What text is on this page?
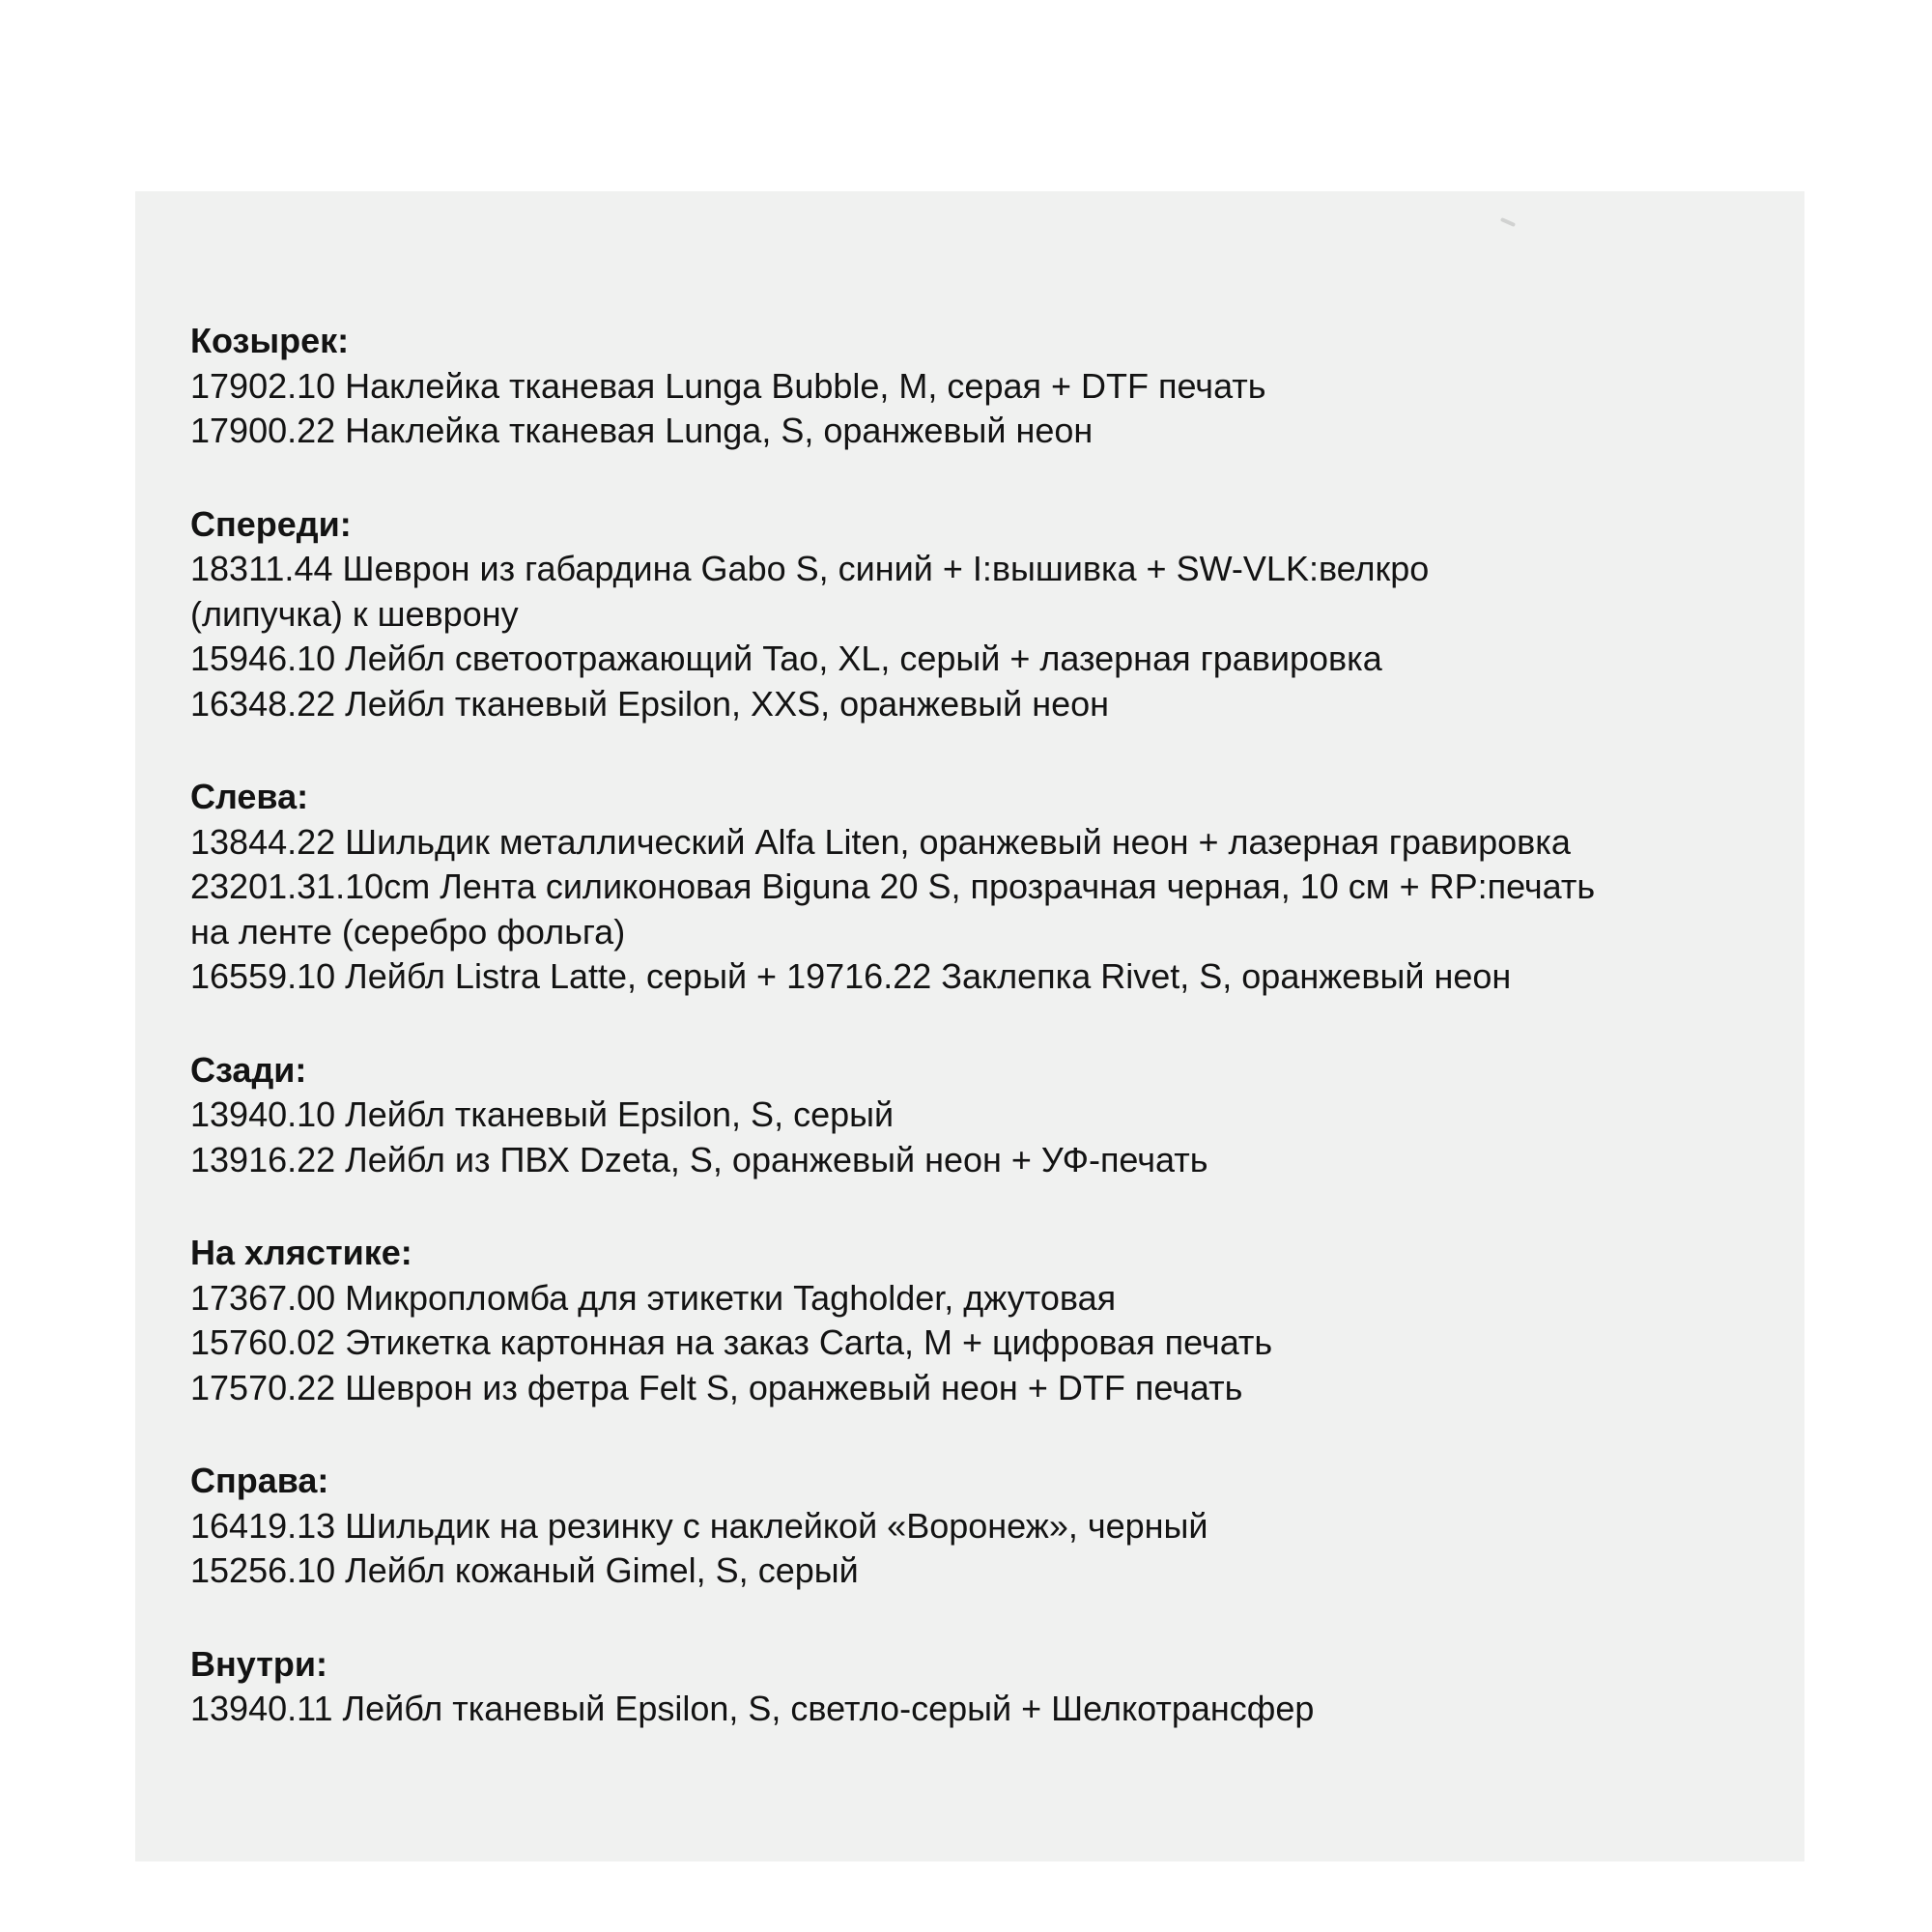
Козырек:
17902.10 Наклейка тканевая Lunga Bubble, M, серая + DTF печать
17900.22 Наклейка тканевая Lunga, S, оранжевый неон
Спереди:
18311.44 Шеврон из габардина Gabo S, синий + I:вышивка + SW-VLK:велкро
(липучка) к шеврону
15946.10 Лейбл светоотражающий Tao, XL, серый + лазерная гравировка
16348.22 Лейбл тканевый Epsilon, XXS, оранжевый неон
Слева:
13844.22 Шильдик металлический Alfa Liten, оранжевый неон + лазерная гравировка
23201.31.10cm Лента силиконовая Biguna 20 S, прозрачная черная, 10 см + RP:печать
на ленте (серебро фольга)
16559.10 Лейбл Listra Latte, серый + 19716.22 Заклепка Rivet, S, оранжевый неон
Сзади:
13940.10 Лейбл тканевый Epsilon, S, серый
13916.22 Лейбл из ПВХ Dzeta, S, оранжевый неон + УФ-печать
На хлястике:
17367.00 Микропломба для этикетки Tagholder, джутовая
15760.02 Этикетка картонная на заказ Carta, M + цифровая печать
17570.22 Шеврон из фетра Felt S, оранжевый неон + DTF печать
Справа:
16419.13 Шильдик на резинку с наклейкой «Воронеж», черный
15256.10 Лейбл кожаный Gimel, S, серый
Внутри:
13940.11 Лейбл тканевый Epsilon, S, светло-серый + Шелкотрансфер
